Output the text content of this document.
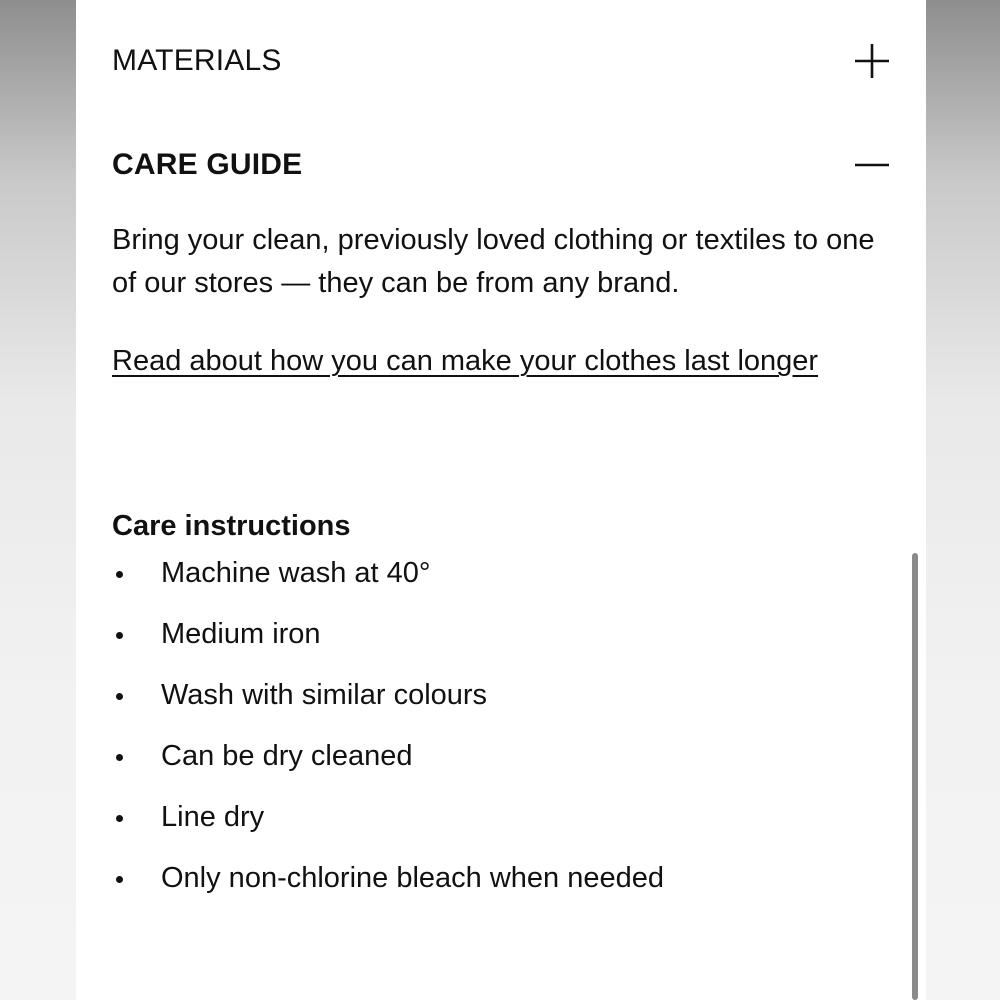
MATERIALS
CARE GUIDE

Bring your clean, previously loved clothing or textiles to one of our stores — they can be from any brand.

Read about how you can make your clothes last longer
Care instructions
Machine wash at 40°
Medium iron
Wash with similar colours
Can be dry cleaned
Line dry
Only non-chlorine bleach when needed
